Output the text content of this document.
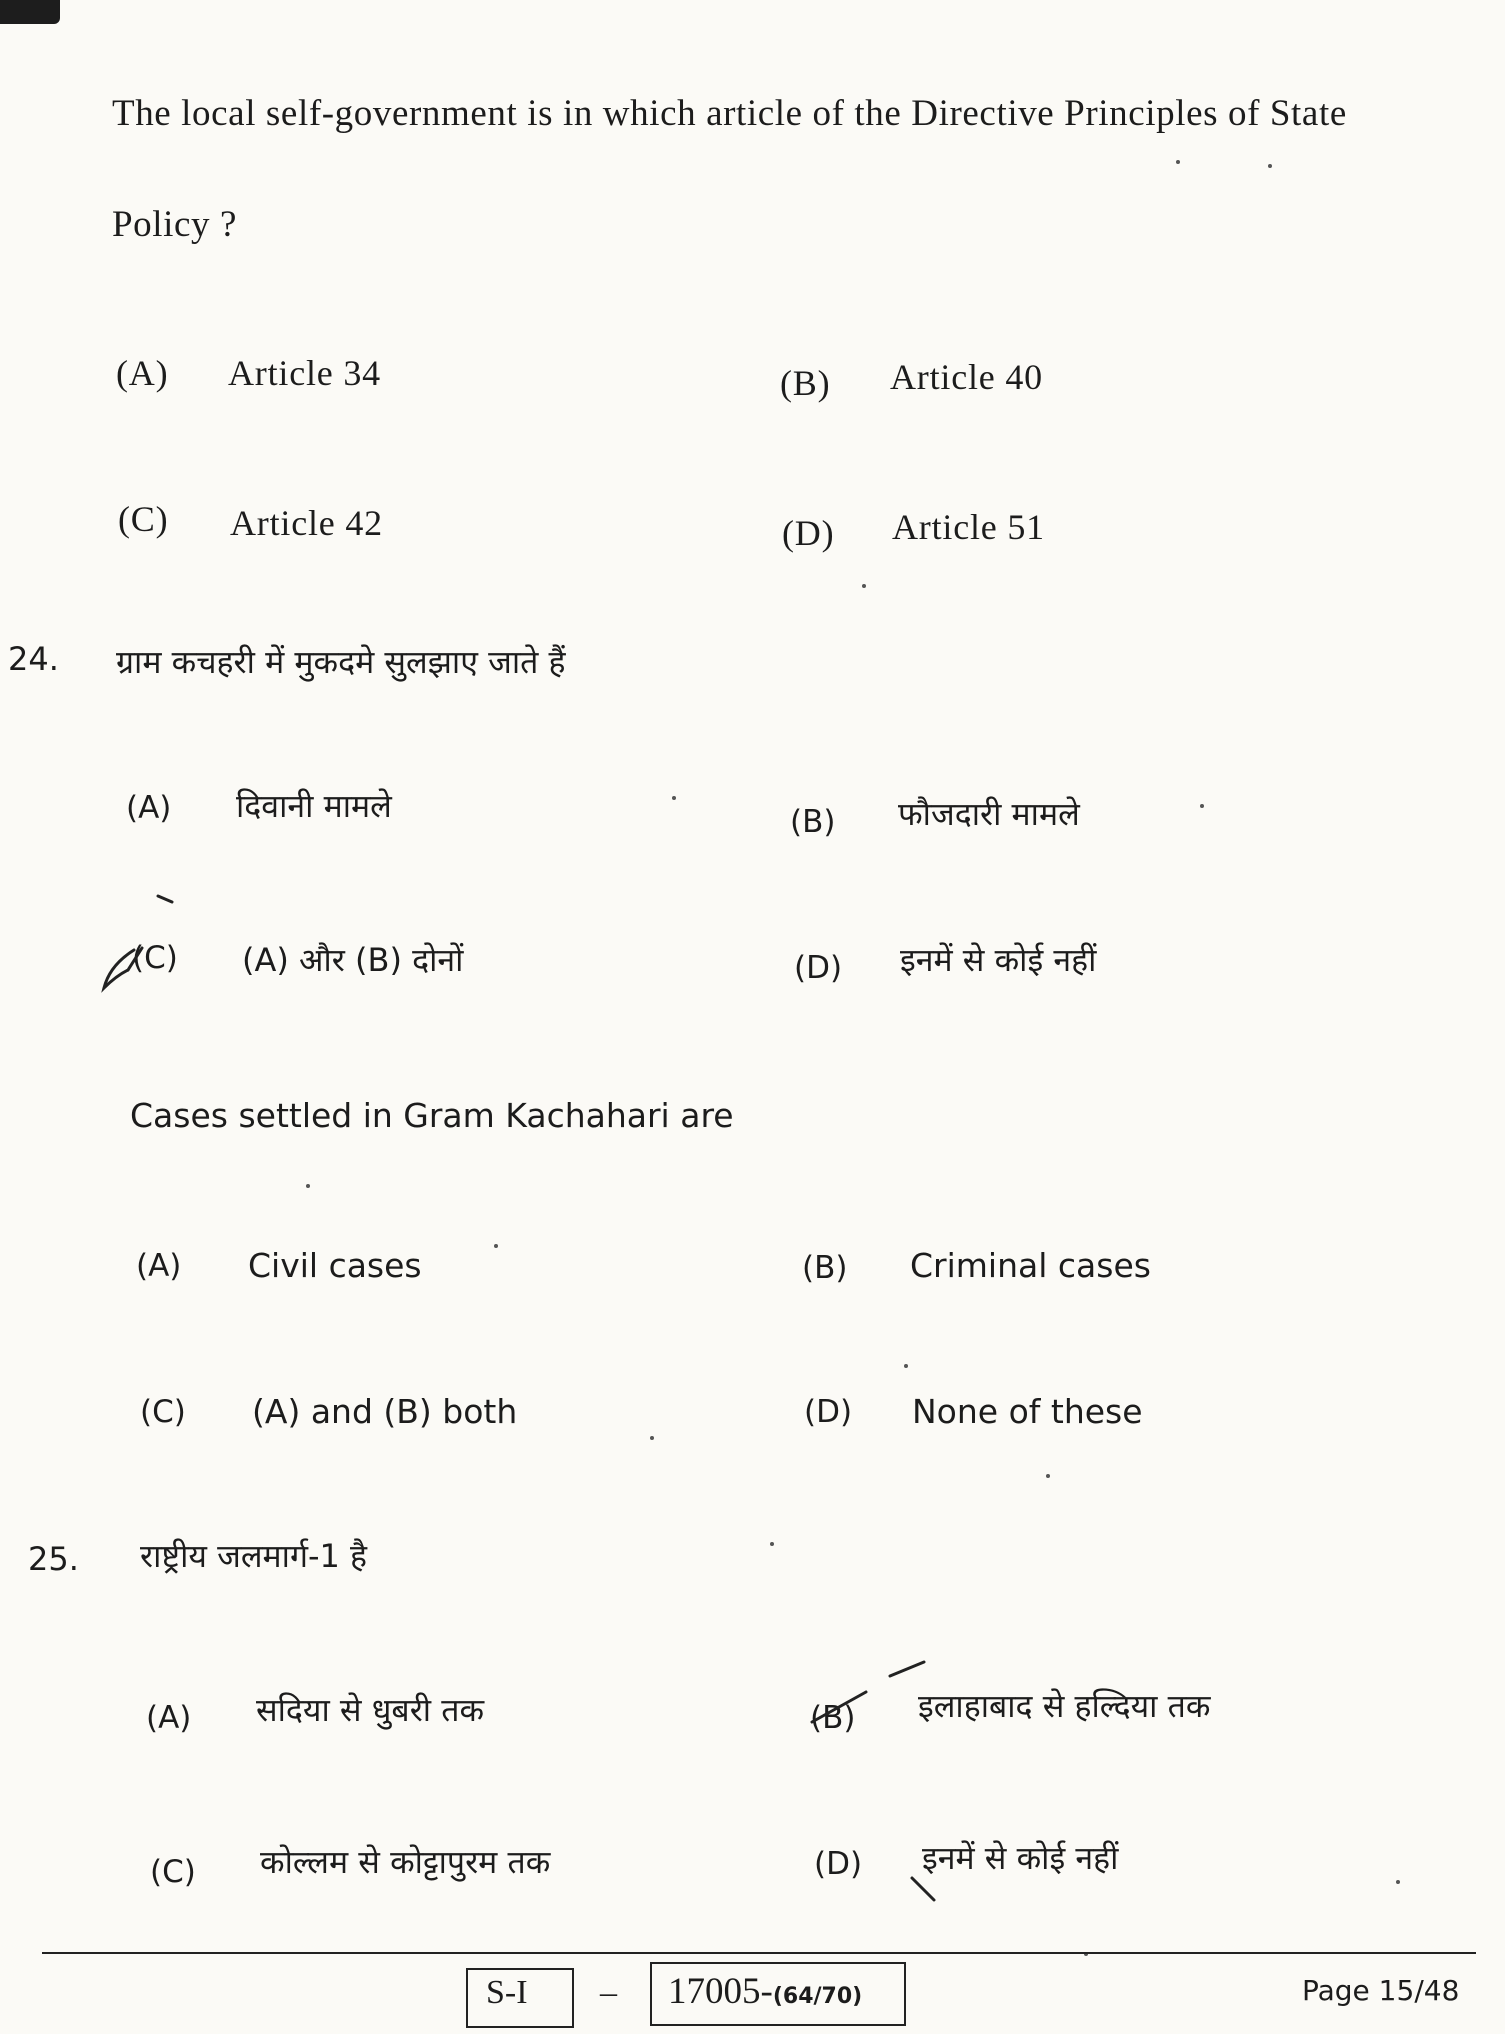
The local self-government is in which article of the Directive Principles of State
Policy ?
(A) Article 34	(B) Article 40
(C) Article 42	(D) Article 51
24. ग्राम कचहरी में मुकदमे सुलझाए जाते हैं
(A) दिवानी मामले	(B) फौजदारी मामले
(C) (A) और (B) दोनों	(D) इनमें से कोई नहीं
Cases settled in Gram Kachahari are
(A) Civil cases	(B) Criminal cases
(C) (A) and (B) both	(D) None of these
25. राष्ट्रीय जलमार्ग-1 है
(A) सदिया से धुबरी तक	(B) इलाहाबाद से हल्दिया तक
(C) कोल्लम से कोट्टापुरम तक	(D) इनमें से कोई नहीं
S-I – 17005-(64/70)	Page 15/48
